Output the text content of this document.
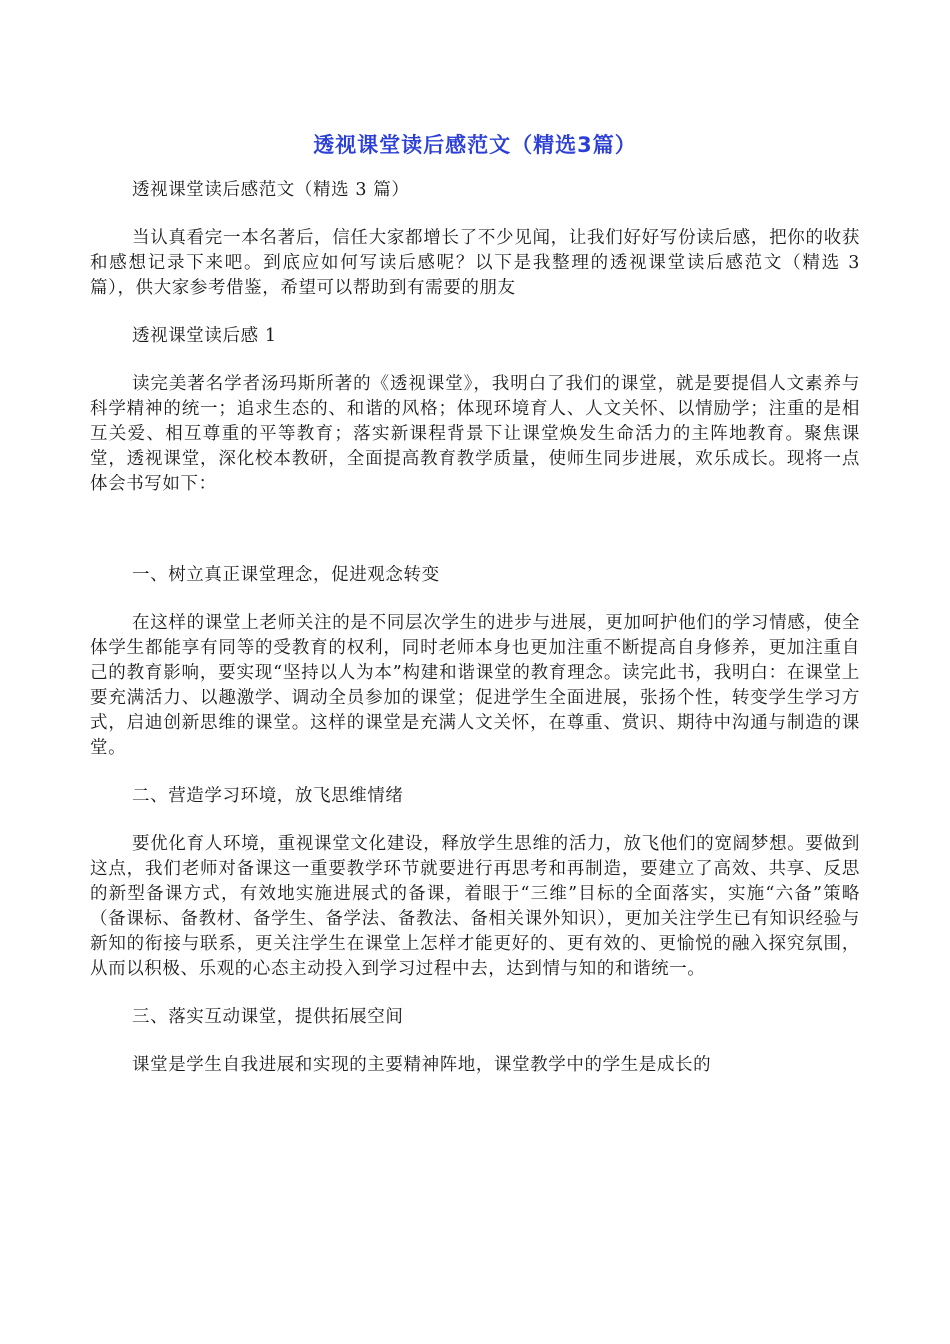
透视课堂读后感范文（精选3篇）

透视课堂读后感范文（精选 3 篇）

当认真看完一本名著后，信任大家都增长了不少见闻，让我们好好写份读后感，把你的收获和感想记录下来吧。到底应如何写读后感呢？以下是我整理的透视课堂读后感范文（精选 3 篇），供大家参考借鉴，希望可以帮助到有需要的朋友

透视课堂读后感 1

读完美著名学者汤玛斯所著的《透视课堂》，我明白了我们的课堂，就是要提倡人文素养与科学精神的统一；追求生态的、和谐的风格；体现环境育人、人文关怀、以情励学；注重的是相互关爱、相互尊重的平等教育；落实新课程背景下让课堂焕发生命活力的主阵地教育。聚焦课堂，透视课堂，深化校本教研，全面提高教育教学质量，使师生同步进展，欢乐成长。现将一点体会书写如下：

一、树立真正课堂理念，促进观念转变

在这样的课堂上老师关注的是不同层次学生的进步与进展，更加呵护他们的学习情感，使全体学生都能享有同等的受教育的权利，同时老师本身也更加注重不断提高自身修养，更加注重自己的教育影响，要实现“坚持以人为本”构建和谐课堂的教育理念。读完此书，我明白：在课堂上要充满活力、以趣激学、调动全员参加的课堂；促进学生全面进展，张扬个性，转变学生学习方式，启迪创新思维的课堂。这样的课堂是充满人文关怀，在尊重、赏识、期待中沟通与制造的课堂。

二、营造学习环境，放飞思维情绪

要优化育人环境，重视课堂文化建设，释放学生思维的活力，放飞他们的宽阔梦想。要做到这点，我们老师对备课这一重要教学环节就要进行再思考和再制造，要建立了高效、共享、反思的新型备课方式，有效地实施进展式的备课，着眼于“三维”目标的全面落实，实施“六备”策略（备课标、备教材、备学生、备学法、备教法、备相关课外知识），更加关注学生已有知识经验与新知的衔接与联系，更关注学生在课堂上怎样才能更好的、更有效的、更愉悦的融入探究氛围，从而以积极、乐观的心态主动投入到学习过程中去，达到情与知的和谐统一。

三、落实互动课堂，提供拓展空间

课堂是学生自我进展和实现的主要精神阵地，课堂教学中的学生是成长的
